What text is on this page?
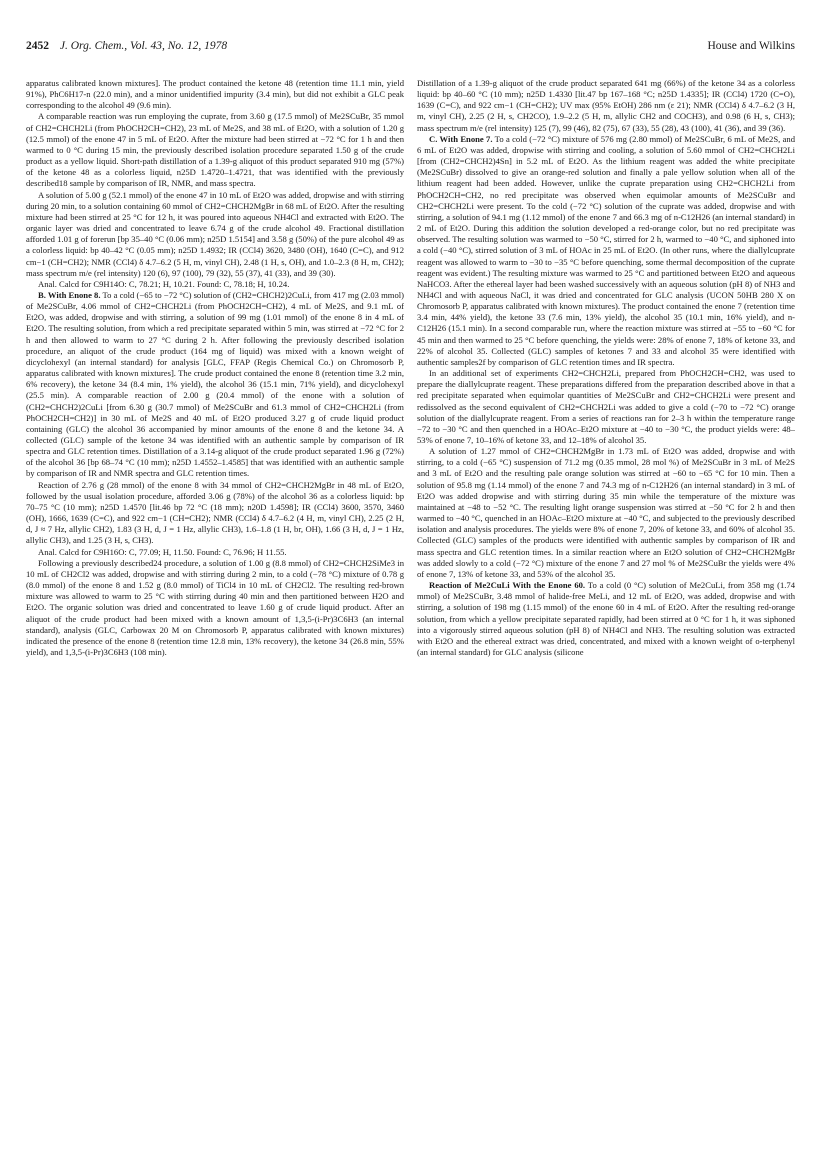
2452 J. Org. Chem., Vol. 43, No. 12, 1978	House and Wilkins

apparatus calibrated known mixtures]. The product contained the ketone 48 (retention time 11.1 min, yield 91%), PhC6H17-n (22.0 min), and a minor unidentified impurity (3.4 min), but did not exhibit a GLC peak corresponding to the alcohol 49 (9.6 min).

A comparable reaction was run employing the cuprate, from 3.60 g (17.5 mmol) of Me2SCuBr, 35 mmol of CH2=CHCH2Li (from PhOCH2CH=CH2), 23 mL of Me2S, and 38 mL of Et2O, with a solution of 1.20 g (12.5 mmol) of the enone 47 in 5 mL of Et2O. After the mixture had been stirred at −72 °C for 1 h and then warmed to 0 °C during 15 min, the previously described isolation procedure separated 1.50 g of the crude product as a yellow liquid. Short-path distillation of a 1.39-g aliquot of this product separated 910 mg (57%) of the ketone 48 as a colorless liquid, n25D 1.4720–1.4721, that was identified with the previously described18 sample by comparison of IR, NMR, and mass spectra.

A solution of 5.00 g (52.1 mmol) of the enone 47 in 10 mL of Et2O was added, dropwise and with stirring during 20 min, to a solution containing 60 mmol of CH2=CHCH2MgBr in 68 mL of Et2O. After the resulting mixture had been stirred at 25 °C for 12 h, it was poured into aqueous NH4Cl and extracted with Et2O. The organic layer was dried and concentrated to leave 6.74 g of the crude alcohol 49. Fractional distillation afforded 1.01 g of forerun [bp 35–40 °C (0.06 mm); n25D 1.5154] and 3.58 g (50%) of the pure alcohol 49 as a colorless liquid: bp 40–42 °C (0.05 mm); n25D 1.4932; IR (CCl4) 3620, 3480 (OH), 1640 (C=C), and 912 cm−1 (CH=CH2); NMR (CCl4) δ 4.7–6.2 (5 H, m, vinyl CH), 2.48 (1 H, s, OH), and 1.0–2.3 (8 H, m, CH2); mass spectrum m/e (rel intensity) 120 (6), 97 (100), 79 (32), 55 (37), 41 (33), and 39 (30).

Anal. Calcd for C9H14O: C, 78.21; H, 10.21. Found: C, 78.18; H, 10.24.

B. With Enone 8. To a cold (−65 to −72 °C) solution of (CH2=CHCH2)2CuLi, from 417 mg (2.03 mmol) of Me2SCuBr, 4.06 mmol of CH2=CHCH2Li (from PhOCH2CH=CH2), 4 mL of Me2S, and 9.1 mL of Et2O, was added, dropwise and with stirring, a solution of 99 mg (1.01 mmol) of the enone 8 in 4 mL of Et2O. The resulting solution, from which a red precipitate separated within 5 min, was stirred at −72 °C for 2 h and then allowed to warm to 27 °C during 2 h. After following the previously described isolation procedure, an aliquot of the crude product (164 mg of liquid) was mixed with a known weight of dicyclohexyl (an internal standard) for analysis [GLC, FFAP (Regis Chemical Co.) on Chromosorb P, apparatus calibrated with known mixtures]. The crude product contained the enone 8 (retention time 3.2 min, 6% recovery), the ketone 34 (8.4 min, 1% yield), the alcohol 36 (15.1 min, 71% yield), and dicyclohexyl (25.5 min). A comparable reaction of 2.00 g (20.4 mmol) of the enone with a solution of (CH2=CHCH2)2CuLi [from 6.30 g (30.7 mmol) of Me2SCuBr and 61.3 mmol of CH2=CHCH2Li (from PhOCH2CH=CH2)] in 30 mL of Me2S and 40 mL of Et2O produced 3.27 g of crude liquid product containing (GLC) the alcohol 36 accompanied by minor amounts of the enone 8 and the ketone 34. A collected (GLC) sample of the ketone 34 was identified with an authentic sample by comparison of IR spectra and GLC retention times. Distillation of a 3.14-g aliquot of the crude product separated 1.96 g (72%) of the alcohol 36 [bp 68–74 °C (10 mm); n25D 1.4552–1.4585] that was identified with an authentic sample by comparison of IR and NMR spectra and GLC retention times.

Reaction of 2.76 g (28 mmol) of the enone 8 with 34 mmol of CH2=CHCH2MgBr in 48 mL of Et2O, followed by the usual isolation procedure, afforded 3.06 g (78%) of the alcohol 36 as a colorless liquid: bp 70–75 °C (10 mm); n25D 1.4570 [lit.46 bp 72 °C (18 mm); n20D 1.4598]; IR (CCl4) 3600, 3570, 3460 (OH), 1666, 1639 (C=C), and 922 cm−1 (CH=CH2); NMR (CCl4) δ 4.7–6.2 (4 H, m, vinyl CH), 2.25 (2 H, d, J ≈ 7 Hz, allylic CH2), 1.83 (3 H, d, J = 1 Hz, allylic CH3), 1.6–1.8 (1 H, br, OH), 1.66 (3 H, d, J = 1 Hz, allylic CH3), and 1.25 (3 H, s, CH3).

Anal. Calcd for C9H16O: C, 77.09; H, 11.50. Found: C, 76.96; H 11.55.

Following a previously described24 procedure, a solution of 1.00 g (8.8 mmol) of CH2=CHCH2SiMe3 in 10 mL of CH2Cl2 was added, dropwise and with stirring during 2 min, to a cold (−78 °C) mixture of 0.78 g (8.0 mmol) of the enone 8 and 1.52 g (8.0 mmol) of TiCl4 in 10 mL of CH2Cl2. The resulting red-brown mixture was allowed to warm to 25 °C with stirring during 40 min and then partitioned between H2O and Et2O. The organic solution was dried and concentrated to leave 1.60 g of crude liquid product. After an aliquot of the crude product had been mixed with a known amount of 1,3,5-(i-Pr)3C6H3 (an internal standard), analysis (GLC, Carbowax 20 M on Chromosorb P, apparatus calibrated with known mixtures) indicated the presence of the enone 8 (retention time 12.8 min, 13% recovery), the ketone 34 (26.8 min, 55% yield), and 1,3,5-(i-Pr)3C6H3 (108 min).

Distillation of a 1.39-g aliquot of the crude product separated 641 mg (66%) of the ketone 34 as a colorless liquid: bp 40–60 °C (10 mm); n25D 1.4330 [lit.47 bp 167–168 °C; n25D 1.4335]; IR (CCl4) 1720 (C=O), 1639 (C=C), and 922 cm−1 (CH=CH2); UV max (95% EtOH) 286 nm (ε 21); NMR (CCl4) δ 4.7–6.2 (3 H, m, vinyl CH), 2.25 (2 H, s, CH2CO), 1.9–2.2 (5 H, m, allylic CH2 and COCH3), and 0.98 (6 H, s, CH3); mass spectrum m/e (rel intensity) 125 (7), 99 (46), 82 (75), 67 (33), 55 (28), 43 (100), 41 (36), and 39 (36).

C. With Enone 7. To a cold (−72 °C) mixture of 576 mg (2.80 mmol) of Me2SCuBr, 6 mL of Me2S, and 6 mL of Et2O was added, dropwise with stirring and cooling, a solution of 5.60 mmol of CH2=CHCH2Li [from (CH2=CHCH2)4Sn] in 5.2 mL of Et2O. As the lithium reagent was added the white precipitate (Me2SCuBr) dissolved to give an orange-red solution and finally a pale yellow solution when all of the lithium reagent had been added. However, unlike the cuprate preparation using CH2=CHCH2Li from PhOCH2CH=CH2, no red precipitate was observed when equimolar amounts of Me2SCuBr and CH2=CHCH2Li were present. To the cold (−72 °C) solution of the cuprate was added, dropwise and with stirring, a solution of 94.1 mg (1.12 mmol) of the enone 7 and 66.3 mg of n-C12H26 (an internal standard) in 2 mL of Et2O. During this addition the solution developed a red-orange color, but no red precipitate was observed. The resulting solution was warmed to −50 °C, stirred for 2 h, warmed to −40 °C, and siphoned into a cold (−40 °C), stirred solution of 3 mL of HOAc in 25 mL of Et2O. (In other runs, where the diallylcuprate reagent was allowed to warm to −30 to −35 °C before quenching, some thermal decomposition of the cuprate reagent was evident.) The resulting mixture was warmed to 25 °C and partitioned between Et2O and aqueous NaHCO3. After the ethereal layer had been washed successively with an aqueous solution (pH 8) of NH3 and NH4Cl and with aqueous NaCl, it was dried and concentrated for GLC analysis (UCON 50HB 280 X on Chromosorb P, apparatus calibrated with known mixtures). The product contained the enone 7 (retention time 3.4 min, 44% yield), the ketone 33 (7.6 min, 13% yield), the alcohol 35 (10.1 min, 16% yield), and n-C12H26 (15.1 min). In a second comparable run, where the reaction mixture was stirred at −55 to −60 °C for 45 min and then warmed to 25 °C before quenching, the yields were: 28% of enone 7, 18% of ketone 33, and 22% of alcohol 35. Collected (GLC) samples of ketones 7 and 33 and alcohol 35 were identified with authentic samples2f by comparison of GLC retention times and IR spectra.

In an additional set of experiments CH2=CHCH2Li, prepared from PhOCH2CH=CH2, was used to prepare the diallylcuprate reagent. These preparations differed from the preparation described above in that a red precipitate separated when equimolar quantities of Me2SCuBr and CH2=CHCH2Li were present and redissolved as the second equivalent of CH2=CHCH2Li was added to give a cold (−70 to −72 °C) orange solution of the diallylcuprate reagent. From a series of reactions ran for 2–3 h within the temperature range −72 to −30 °C and then quenched in a HOAc–Et2O mixture at −40 to −30 °C, the product yields were: 48–53% of enone 7, 10–16% of ketone 33, and 12–18% of alcohol 35.

A solution of 1.27 mmol of CH2=CHCH2MgBr in 1.73 mL of Et2O was added, dropwise and with stirring, to a cold (−65 °C) suspension of 71.2 mg (0.35 mmol, 28 mol %) of Me2SCuBr in 3 mL of Me2S and 3 mL of Et2O and the resulting pale orange solution was stirred at −60 to −65 °C for 10 min. Then a solution of 95.8 mg (1.14 mmol) of the enone 7 and 74.3 mg of n-C12H26 (an internal standard) in 3 mL of Et2O was added dropwise and with stirring during 35 min while the temperature of the mixture was maintained at −48 to −52 °C. The resulting light orange suspension was stirred at −50 °C for 2 h and then warmed to −40 °C, quenched in an HOAc–Et2O mixture at −40 °C, and subjected to the previously described isolation and analysis procedures. The yields were 8% of enone 7, 20% of ketone 33, and 60% of alcohol 35. Collected (GLC) samples of the products were identified with authentic samples by comparison of IR and mass spectra and GLC retention times. In a similar reaction where an Et2O solution of CH2=CHCH2MgBr was added slowly to a cold (−72 °C) mixture of the enone 7 and 27 mol % of Me2SCuBr the yields were 4% of enone 7, 13% of ketone 33, and 53% of the alcohol 35.

Reaction of Me2CuLi With the Enone 60. To a cold (0 °C) solution of Me2CuLi, from 358 mg (1.74 mmol) of Me2SCuBr, 3.48 mmol of halide-free MeLi, and 12 mL of Et2O, was added, dropwise and with stirring, a solution of 198 mg (1.15 mmol) of the enone 60 in 4 mL of Et2O. After the resulting red-orange solution, from which a yellow precipitate separated rapidly, had been stirred at 0 °C for 1 h, it was siphoned into a vigorously stirred aqueous solution (pH 8) of NH4Cl and NH3. The resulting solution was extracted with Et2O and the ethereal extract was dried, concentrated, and mixed with a known weight of o-terphenyl (an internal standard) for GLC analysis (silicone
